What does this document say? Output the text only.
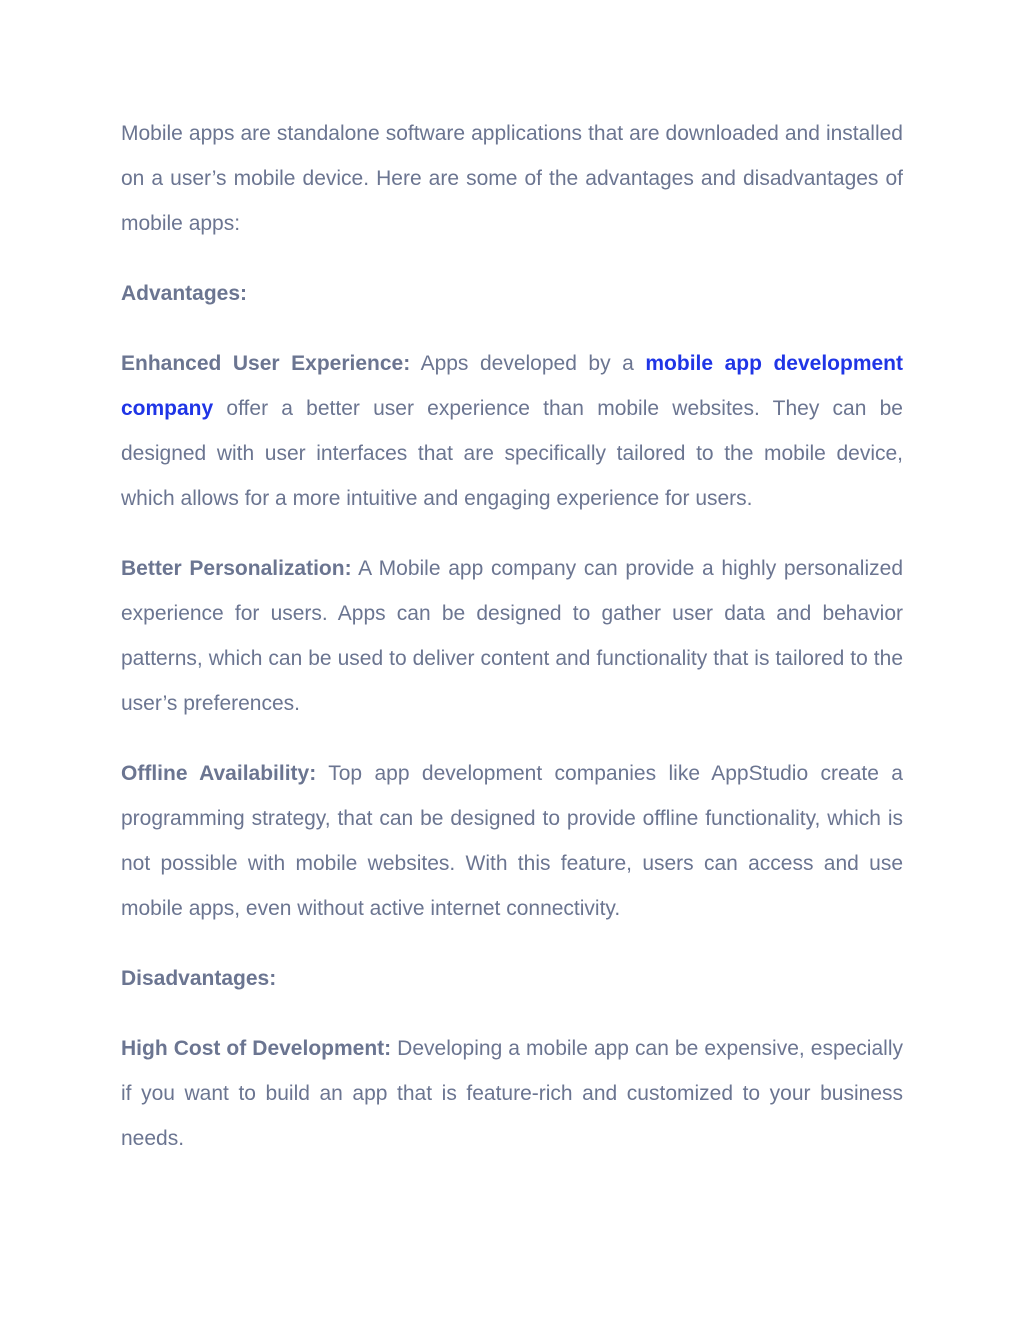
Mobile apps are standalone software applications that are downloaded and installed on a user’s mobile device. Here are some of the advantages and disadvantages of mobile apps:

Advantages:

Enhanced User Experience: Apps developed by a mobile app development company offer a better user experience than mobile websites. They can be designed with user interfaces that are specifically tailored to the mobile device, which allows for a more intuitive and engaging experience for users.

Better Personalization: A Mobile app company can provide a highly personalized experience for users. Apps can be designed to gather user data and behavior patterns, which can be used to deliver content and functionality that is tailored to the user’s preferences.

Offline Availability: Top app development companies like AppStudio create a programming strategy, that can be designed to provide offline functionality, which is not possible with mobile websites. With this feature, users can access and use mobile apps, even without active internet connectivity.

Disadvantages:

High Cost of Development: Developing a mobile app can be expensive, especially if you want to build an app that is feature-rich and customized to your business needs.
